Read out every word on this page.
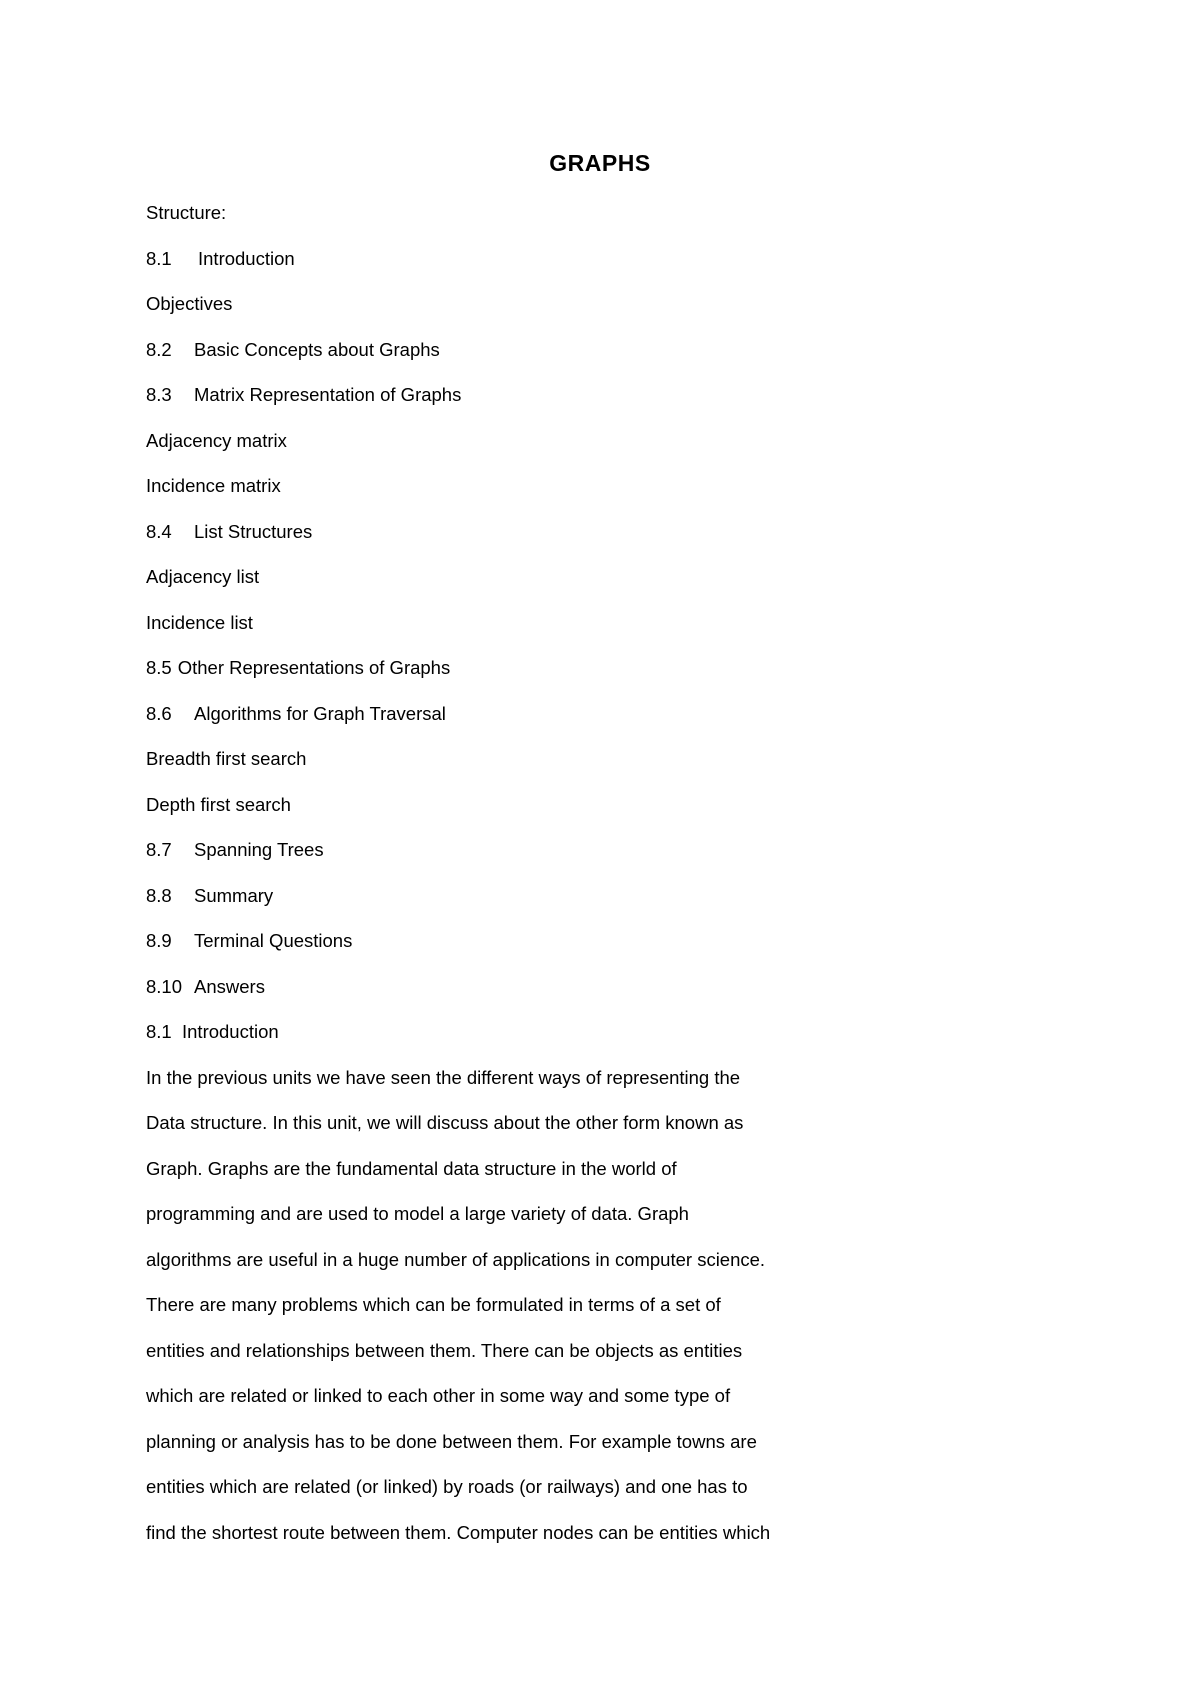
GRAPHS
Structure:
8.1 Introduction
Objectives
8.2 Basic Concepts about Graphs
8.3 Matrix Representation of Graphs
Adjacency matrix
Incidence matrix
8.4 List Structures
Adjacency list
Incidence list
8.5 Other Representations of Graphs
8.6 Algorithms for Graph Traversal
Breadth first search
Depth first search
8.7 Spanning Trees
8.8 Summary
8.9 Terminal Questions
8.10 Answers
8.1 Introduction
In the previous units we have seen the different ways of representing the
Data structure. In this unit, we will discuss about the other form known as
Graph. Graphs are the fundamental data structure in the world of
programming and are used to model a large variety of data. Graph
algorithms are useful in a huge number of applications in computer science.
There are many problems which can be formulated in terms of a set of
entities and relationships between them. There can be objects as entities
which are related or linked to each other in some way and some type of
planning or analysis has to be done between them. For example towns are
entities which are related (or linked) by roads (or railways) and one has to
find the shortest route between them. Computer nodes can be entities which
